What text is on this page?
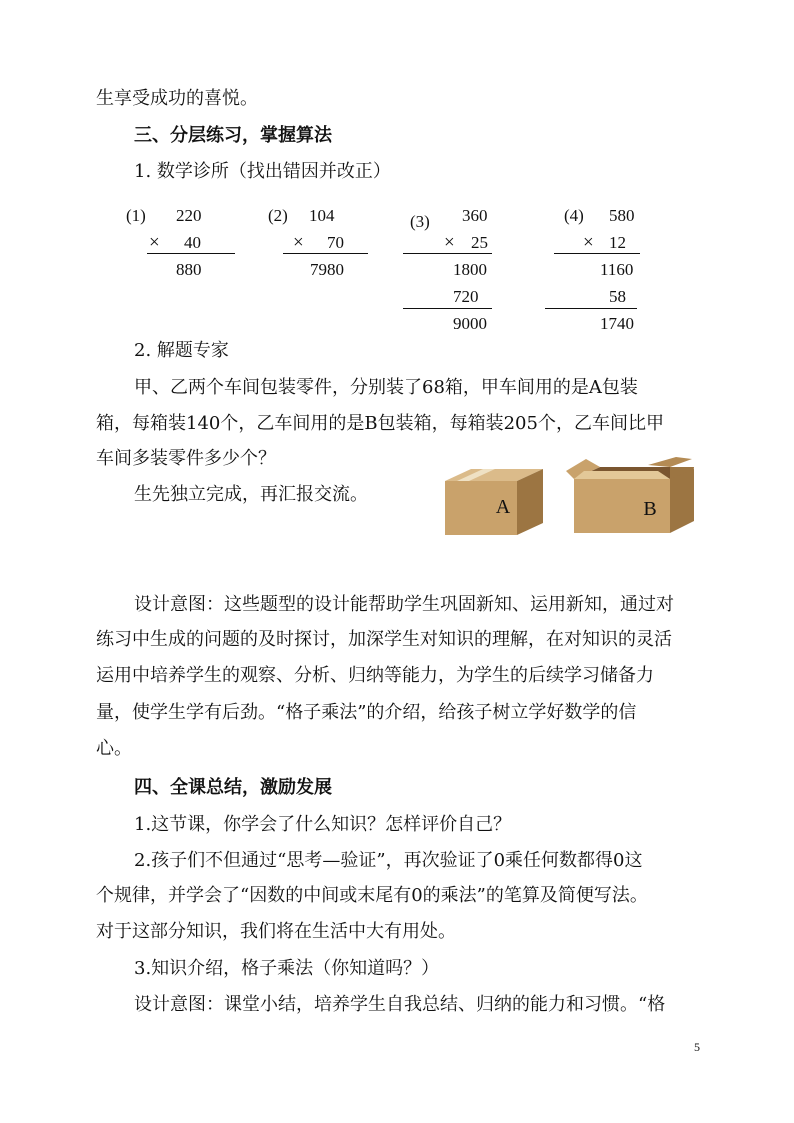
生享受成功的喜悦。
三、分层练习，掌握算法
1. 数学诊所（找出错因并改正）
(1) 220
× 40
880
(2) 104
× 70
7980
(3) 360
× 25
1800
720
9000
(4) 580
× 12
1160
58
1740
2. 解题专家
甲、乙两个车间包装零件，分别装了68箱，甲车间用的是A包装
箱，每箱装140个，乙车间用的是B包装箱，每箱装205个，乙车间比甲
车间多装零件多少个？
生先独立完成，再汇报交流。
A	B
设计意图：这些题型的设计能帮助学生巩固新知、运用新知，通过对
练习中生成的问题的及时探讨，加深学生对知识的理解，在对知识的灵活
运用中培养学生的观察、分析、归纳等能力，为学生的后续学习储备力
量，使学生学有后劲。“格子乘法”的介绍，给孩子树立学好数学的信
心。
四、全课总结，激励发展
1.这节课，你学会了什么知识？怎样评价自己？
2.孩子们不但通过“思考—验证”，再次验证了0乘任何数都得0这
个规律，并学会了“因数的中间或末尾有0的乘法”的笔算及简便写法。
对于这部分知识，我们将在生活中大有用处。
3.知识介绍，格子乘法（你知道吗？）
设计意图：课堂小结，培养学生自我总结、归纳的能力和习惯。“格
5
